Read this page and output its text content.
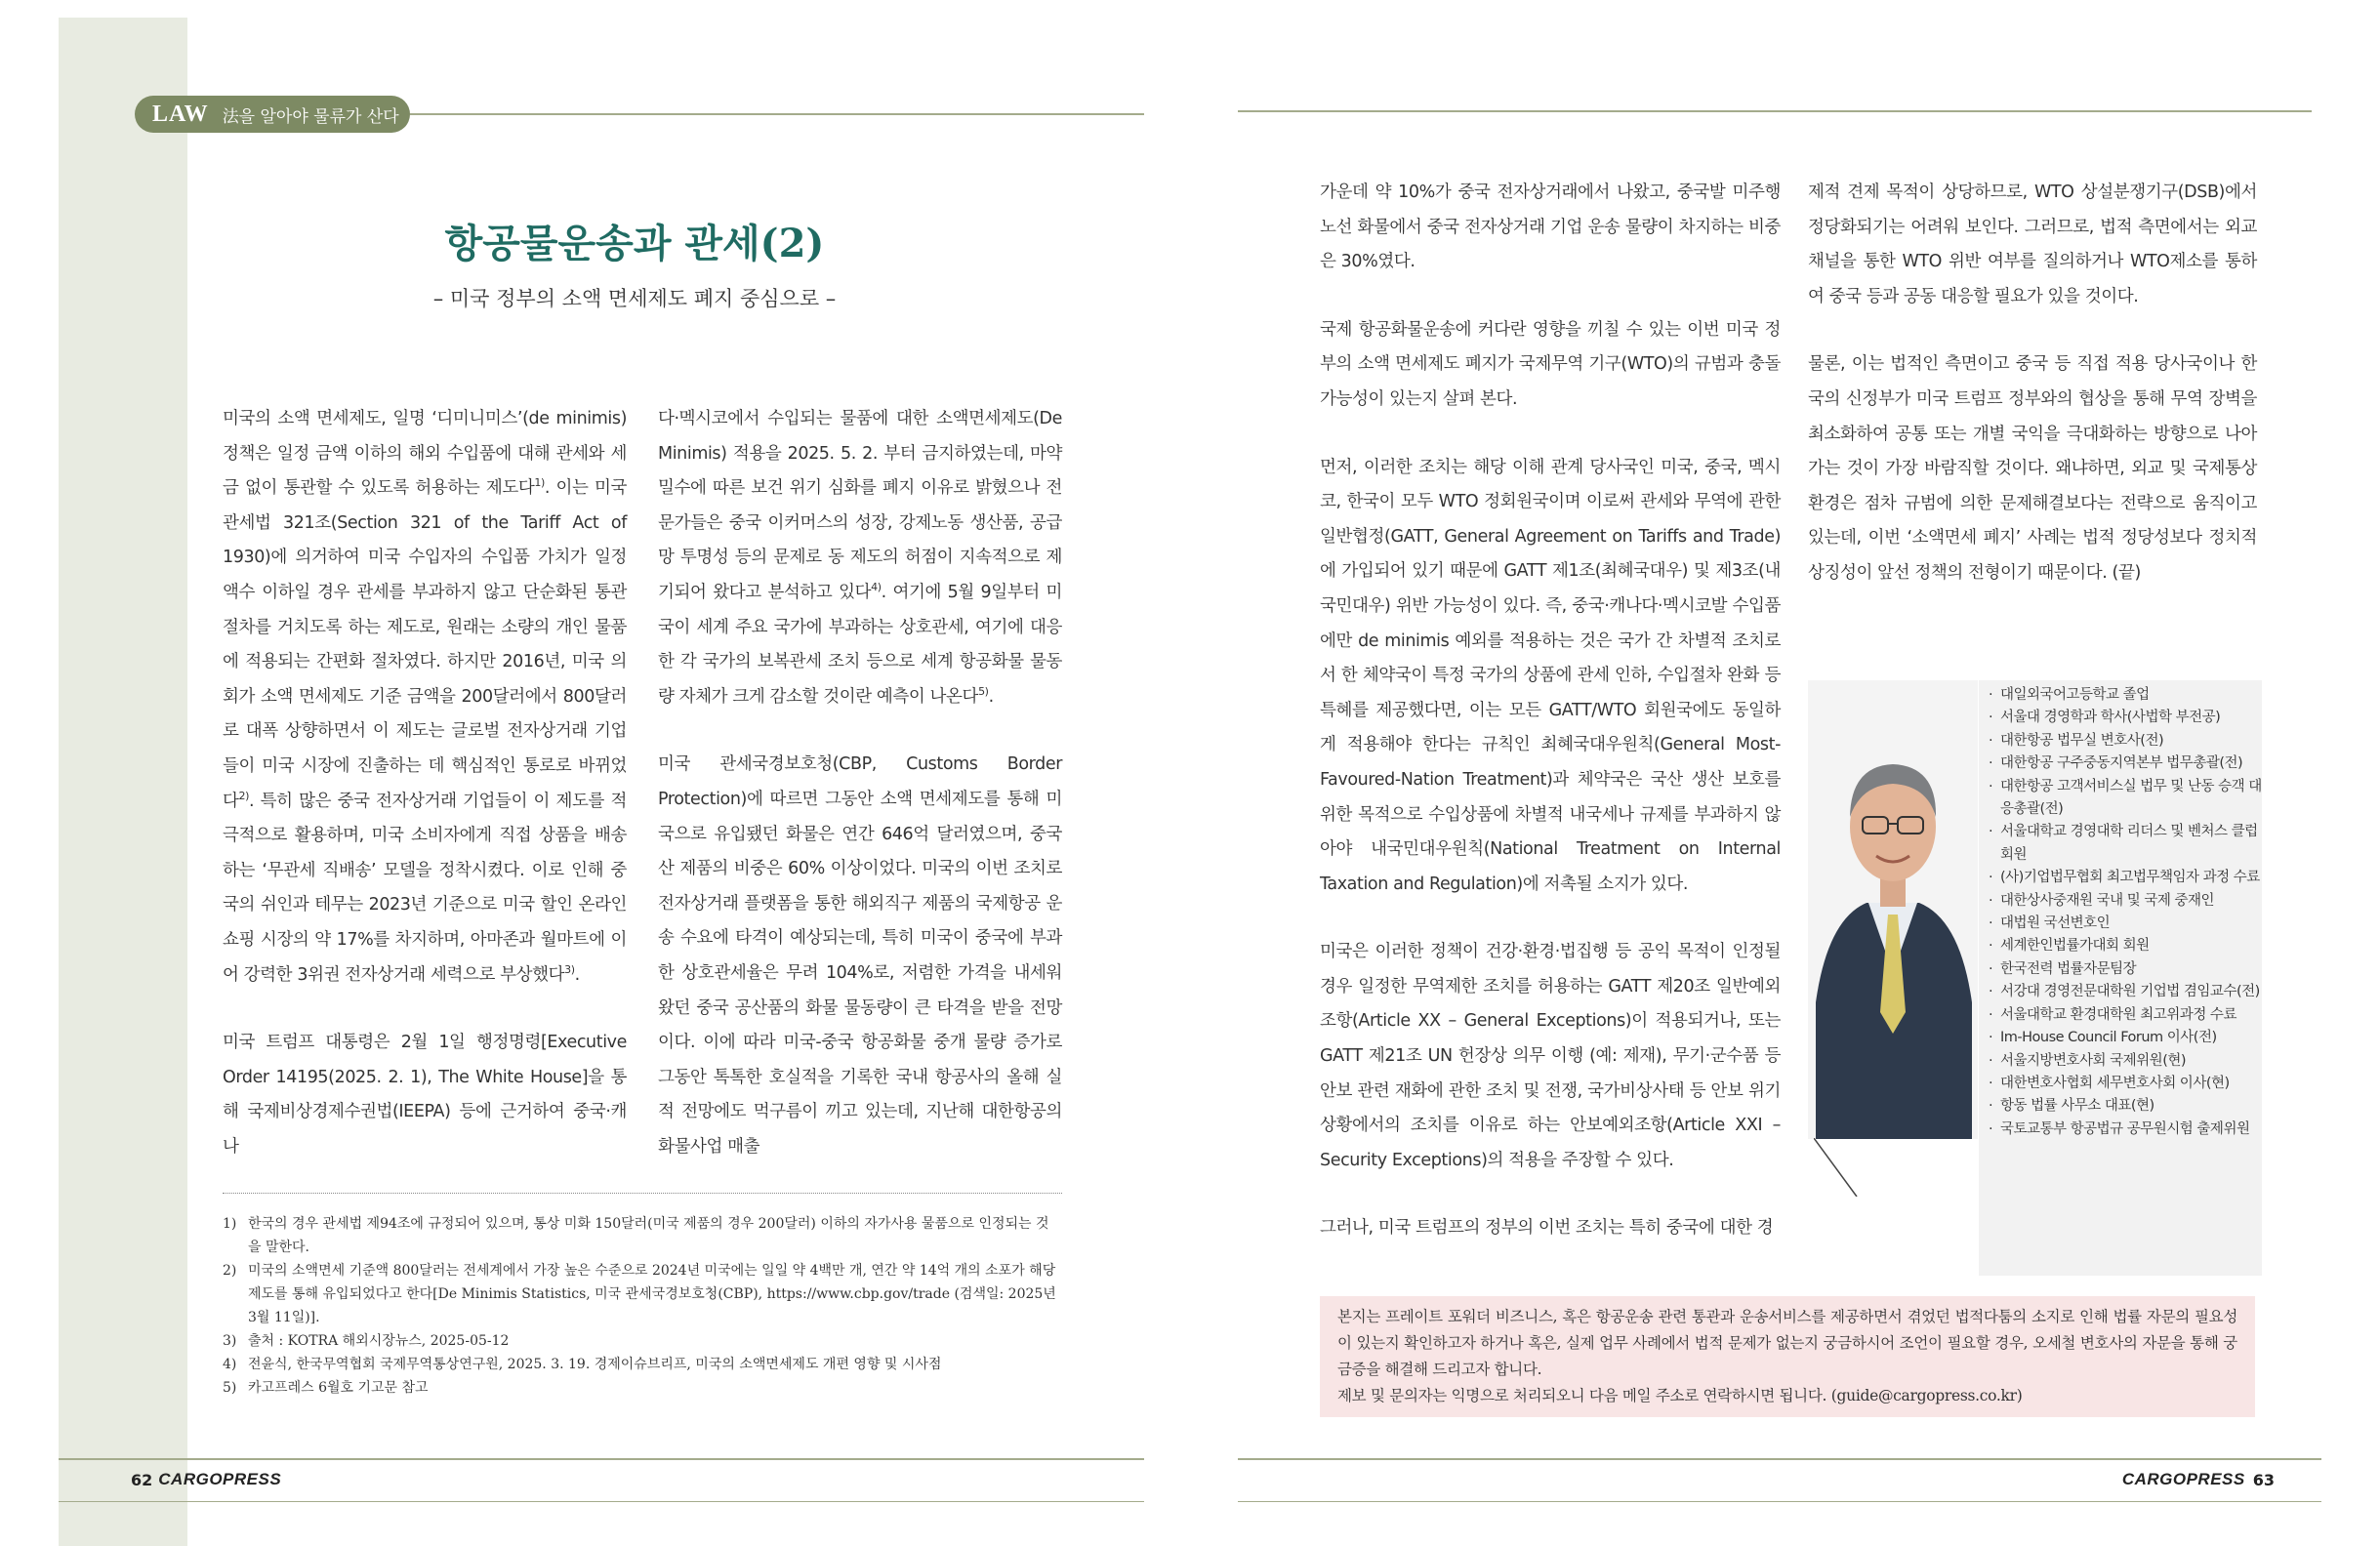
LAW 法을 알아야 물류가 산다
항공물운송과 관세(2)
– 미국 정부의 소액 면세제도 폐지 중심으로 –

미국의 소액 면세제도, 일명 ‘디미니미스’(de minimis) 정책은 일정 금액 이하의 해외 수입품에 대해 관세와 세금 없이 통관할 수 있도록 허용하는 제도다$^{1)}$. 이는 미국 관세법 321조(Section 321 of the Tariff Act of 1930)에 의거하여 미국 수입자의 수입품 가치가 일정 액수 이하일 경우 관세를 부과하지 않고 단순화된 통관 절차를 거치도록 하는 제도로, 원래는 소량의 개인 물품에 적용되는 간편화 절차였다. 하지만 2016년, 미국 의회가 소액 면세제도 기준 금액을 200달러에서 800달러로 대폭 상향하면서 이 제도는 글로벌 전자상거래 기업들이 미국 시장에 진출하는 데 핵심적인 통로로 바뀌었다$^{2)}$. 특히 많은 중국 전자상거래 기업들이 이 제도를 적극적으로 활용하며, 미국 소비자에게 직접 상품을 배송하는 ‘무관세 직배송’ 모델을 정착시켰다. 이로 인해 중국의 쉬인과 테무는 2023년 기준으로 미국 할인 온라인 쇼핑 시장의 약 17%를 차지하며, 아마존과 월마트에 이어 강력한 3위권 전자상거래 세력으로 부상했다$^{3)}$.

미국 트럼프 대통령은 2월 1일 행정명령[Executive Order 14195(2025. 2. 1), The White House]을 통해 국제비상경제수권법(IEEPA) 등에 근거하여 중국·캐나

다·멕시코에서 수입되는 물품에 대한 소액면세제도(De Minimis) 적용을 2025. 5. 2. 부터 금지하였는데, 마약 밀수에 따른 보건 위기 심화를 폐지 이유로 밝혔으나 전문가들은 중국 이커머스의 성장, 강제노동 생산품, 공급망 투명성 등의 문제로 동 제도의 허점이 지속적으로 제기되어 왔다고 분석하고 있다$^{4)}$. 여기에 5월 9일부터 미국이 세계 주요 국가에 부과하는 상호관세, 여기에 대응한 각 국가의 보복관세 조치 등으로 세계 항공화물 물동량 자체가 크게 감소할 것이란 예측이 나온다$^{5)}$.

미국 관세국경보호청(CBP, Customs Border Protection)에 따르면 그동안 소액 면세제도를 통해 미국으로 유입됐던 화물은 연간 646억 달러였으며, 중국산 제품의 비중은 60% 이상이었다. 미국의 이번 조치로 전자상거래 플랫폼을 통한 해외직구 제품의 국제항공 운송 수요에 타격이 예상되는데, 특히 미국이 중국에 부과한 상호관세율은 무려 104%로, 저렴한 가격을 내세워왔던 중국 공산품의 화물 물동량이 큰 타격을 받을 전망이다. 이에 따라 미국-중국 항공화물 중개 물량 증가로 그동안 톡톡한 호실적을 기록한 국내 항공사의 올해 실적 전망에도 먹구름이 끼고 있는데, 지난해 대한항공의 화물사업 매출

1) 한국의 경우 관세법 제94조에 규정되어 있으며, 통상 미화 150달러(미국 제품의 경우 200달러) 이하의 자가사용 물품으로 인정되는 것을 말한다.
2) 미국의 소액면세 기준액 800달러는 전세계에서 가장 높은 수준으로 2024년 미국에는 일일 약 4백만 개, 연간 약 14억 개의 소포가 해당 제도를 통해 유입되었다고 한다[De Minimis Statistics, 미국 관세국경보호청(CBP), https://www.cbp.gov/trade (검색일: 2025년 3월 11일)].
3) 출처 : KOTRA 해외시장뉴스, 2025-05-12
4) 전윤식, 한국무역협회 국제무역통상연구원, 2025. 3. 19. 경제이슈브리프, 미국의 소액면세제도 개편 영향 및 시사점
5) 카고프레스 6월호 기고문 참고
62 CARGOPRESS

가운데 약 10%가 중국 전자상거래에서 나왔고, 중국발 미주행 노선 화물에서 중국 전자상거래 기업 운송 물량이 차지하는 비중은 30%였다.

국제 항공화물운송에 커다란 영향을 끼칠 수 있는 이번 미국 정부의 소액 면세제도 폐지가 국제무역 기구(WTO)의 규범과 충돌 가능성이 있는지 살펴 본다.

먼저, 이러한 조치는 해당 이해 관계 당사국인 미국, 중국, 멕시코, 한국이 모두 WTO 정회원국이며 이로써 관세와 무역에 관한 일반협정(GATT, General Agreement on Tariffs and Trade)에 가입되어 있기 때문에 GATT 제1조(최혜국대우) 및 제3조(내국민대우) 위반 가능성이 있다. 즉, 중국·캐나다·멕시코발 수입품에만 de minimis 예외를 적용하는 것은 국가 간 차별적 조치로서 한 체약국이 특정 국가의 상품에 관세 인하, 수입절차 완화 등 특혜를 제공했다면, 이는 모든 GATT/WTO 회원국에도 동일하게 적용해야 한다는 규칙인 최혜국대우원칙(General Most-Favoured-Nation Treatment)과 체약국은 국산 생산 보호를 위한 목적으로 수입상품에 차별적 내국세나 규제를 부과하지 않아야 내국민대우원칙(National Treatment on Internal Taxation and Regulation)에 저촉될 소지가 있다.

미국은 이러한 정책이 건강·환경·법집행 등 공익 목적이 인정될 경우 일정한 무역제한 조치를 허용하는 GATT 제20조 일반예외 조항(Article XX – General Exceptions)이 적용되거나, 또는 GATT 제21조 UN 헌장상 의무 이행 (예: 제재), 무기·군수품 등 안보 관련 재화에 관한 조치 및 전쟁, 국가비상사태 등 안보 위기 상황에서의 조치를 이유로 하는 안보예외조항(Article XXI – Security Exceptions)의 적용을 주장할 수 있다.

그러나, 미국 트럼프의 정부의 이번 조치는 특히 중국에 대한 경

제적 견제 목적이 상당하므로, WTO 상설분쟁기구(DSB)에서 정당화되기는 어려워 보인다. 그러므로, 법적 측면에서는 외교 채널을 통한 WTO 위반 여부를 질의하거나 WTO제소를 통하여 중국 등과 공동 대응할 필요가 있을 것이다.

물론, 이는 법적인 측면이고 중국 등 직접 적용 당사국이나 한국의 신정부가 미국 트럼프 정부와의 협상을 통해 무역 장벽을 최소화하여 공통 또는 개별 국익을 극대화하는 방향으로 나아가는 것이 가장 바람직할 것이다. 왜냐하면, 외교 및 국제통상 환경은 점차 규범에 의한 문제해결보다는 전략으로 움직이고 있는데, 이번 ‘소액면세 폐지’ 사례는 법적 정당성보다 정치적 상징성이 앞선 정책의 전형이기 때문이다. (끝)

· 대일외국어고등학교 졸업
· 서울대 경영학과 학사(사법학 부전공)
· 대한항공 법무실 변호사(전)
· 대한항공 구주중동지역본부 법무총괄(전)
· 대한항공 고객서비스실 법무 및 난동 승객 대응총괄(전)
· 서울대학교 경영대학 리더스 및 벤처스 클럽 회원
· (사)기업법무협회 최고법무책임자 과정 수료
· 대한상사중재원 국내 및 국제 중재인
· 대법원 국선변호인
· 세계한인법률가대회 회원
· 한국전력 법률자문팀장
· 서강대 경영전문대학원 기업법 겸임교수(전)
· 서울대학교 환경대학원 최고위과정 수료
· Im-House Council Forum 이사(전)
· 서울지방변호사회 국제위원(현)
· 대한변호사협회 세무변호사회 이사(현)
· 항동 법률 사무소 대표(현)
· 국토교통부 항공법규 공무원시험 출제위원
본지는 프레이트 포워더 비즈니스, 혹은 항공운송 관련 통관과 운송서비스를 제공하면서 겪었던 법적다툼의 소지로 인해 법률 자문의 필요성이 있는지 확인하고자 하거나 혹은, 실제 업무 사례에서 법적 문제가 없는지 궁금하시어 조언이 필요할 경우, 오세철 변호사의 자문을 통해 궁금증을 해결해 드리고자 합니다.
제보 및 문의자는 익명으로 처리되오니 다음 메일 주소로 연락하시면 됩니다. (guide@cargopress.co.kr)
CARGOPRESS 63
